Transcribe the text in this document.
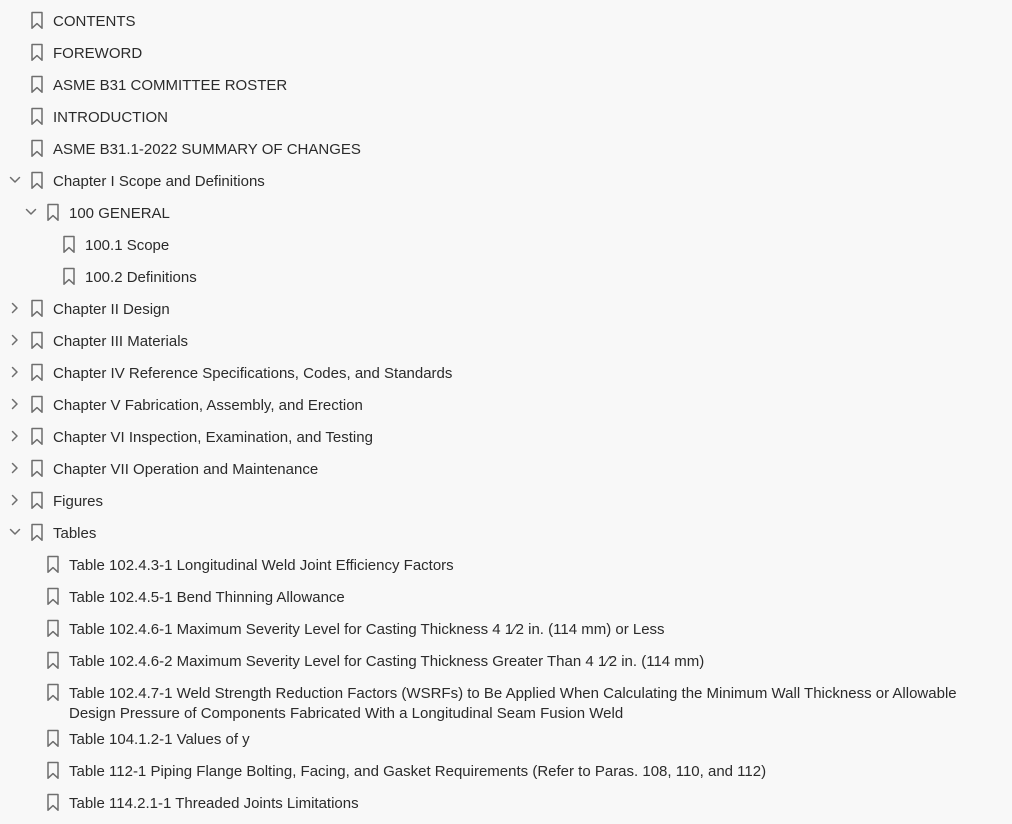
CONTENTS
FOREWORD
ASME B31 COMMITTEE ROSTER
INTRODUCTION
ASME B31.1-2022 SUMMARY OF CHANGES
Chapter I Scope and Definitions
100 GENERAL
100.1 Scope
100.2 Definitions
Chapter II Design
Chapter III Materials
Chapter IV Reference Specifications, Codes, and Standards
Chapter V Fabrication, Assembly, and Erection
Chapter VI Inspection, Examination, and Testing
Chapter VII Operation and Maintenance
Figures
Tables
Table 102.4.3-1 Longitudinal Weld Joint Efficiency Factors
Table 102.4.5-1 Bend Thinning Allowance
Table 102.4.6-1 Maximum Severity Level for Casting Thickness 4 1⁄2 in. (114 mm) or Less
Table 102.4.6-2 Maximum Severity Level for Casting Thickness Greater Than 4 1⁄2 in. (114 mm)
Table 102.4.7-1 Weld Strength Reduction Factors (WSRFs) to Be Applied When Calculating the Minimum Wall Thickness or Allowable Design Pressure of Components Fabricated With a Longitudinal Seam Fusion Weld
Table 104.1.2-1 Values of y
Table 112-1 Piping Flange Bolting, Facing, and Gasket Requirements (Refer to Paras. 108, 110, and 112)
Table 114.2.1-1 Threaded Joints Limitations
